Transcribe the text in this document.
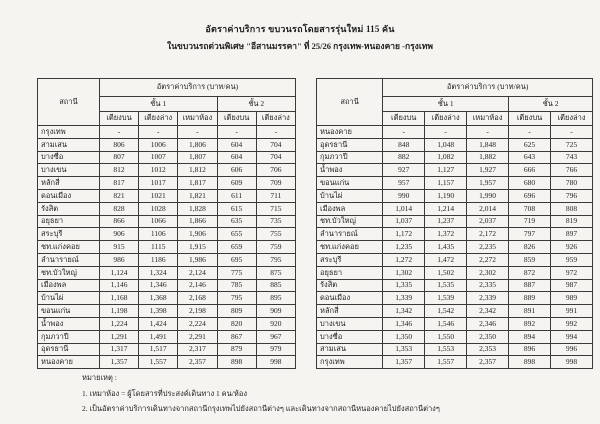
อัตราค่าบริการ ขบวนรถโดยสารรุ่นใหม่ 115 คัน
ในขบวนรถด่วนพิเศษ "อีสานมรรคา" ที่ 25/26 กรุงเทพ-หนองคาย -กรุงเทพ
สถานี	อัตราค่าบริการ (บาท/คน)				
	ชั้น 1			ชั้น 2	
	เตียงบน	เตียงล่าง	เหมาห้อง	เตียงบน	เตียงล่าง
กรุงเทพ	-	-	-	-	-
สามเสน	806	1006	1,806	604	704
บางซื่อ	807	1007	1,807	604	704
บางเขน	812	1012	1,812	606	706
หลักสี่	817	1017	1,817	609	709
ดอนเมือง	821	1021	1,821	611	711
รังสิต	828	1028	1,828	615	715
อยุธยา	866	1066	1,866	635	735
สระบุรี	906	1106	1,906	655	755
ชท.แก่งคอย	915	1115	1,915	659	759
ลำนารายณ์	986	1186	1,986	695	795
ชท.บัวใหญ่	1,124	1,324	2,124	775	875
เมืองพล	1,146	1,346	2,146	785	885
บ้านไผ่	1,168	1,368	2,168	795	895
ขอนแก่น	1,198	1,398	2,198	809	909
น้ำพอง	1,224	1,424	2,224	820	920
กุมภวาปี	1,291	1,491	2,291	867	967
อุดรธานี	1,317	1,517	2,317	879	979
หนองคาย	1,357	1,557	2,357	898	998
สถานี	อัตราค่าบริการ (บาท/คน)				
	ชั้น 1			ชั้น 2	
	เตียงบน	เตียงล่าง	เหมาห้อง	เตียงบน	เตียงล่าง
หนองคาย	-	-	-	-	-
อุดรธานี	848	1,048	1,848	625	725
กุมภวาปี	882	1,082	1,882	643	743
น้ำพอง	927	1,127	1,927	666	766
ขอนแก่น	957	1,157	1,957	680	780
บ้านไผ่	990	1,190	1,990	696	796
เมืองพล	1,014	1,214	2,014	708	808
ชท.บัวใหญ่	1,037	1,237	2,037	719	819
ลำนารายณ์	1,172	1,372	2,172	797	897
ชท.แก่งคอย	1,235	1,435	2,235	826	926
สระบุรี	1,272	1,472	2,272	859	959
อยุธยา	1,302	1,502	2,302	872	972
รังสิต	1,335	1,535	2,335	887	987
ดอนเมือง	1,339	1,539	2,339	889	989
หลักสี่	1,342	1,542	2,342	891	991
บางเขน	1,346	1,546	2,346	892	992
บางซื่อ	1,350	1,550	2,350	894	994
สามเสน	1,353	1,553	2,353	896	996
กรุงเทพ	1,357	1,557	2,357	898	998
หมายเหตุ :
1. เหมาห้อง = ผู้โดยสารที่ประสงค์เดินทาง 1 คน/ห้อง
2. เป็นอัตราค่าบริการเดินทางจากสถานีกรุงเทพไปยังสถานีต่างๆ และเดินทางจากสถานีหนองคายไปยังสถานีต่างๆ
